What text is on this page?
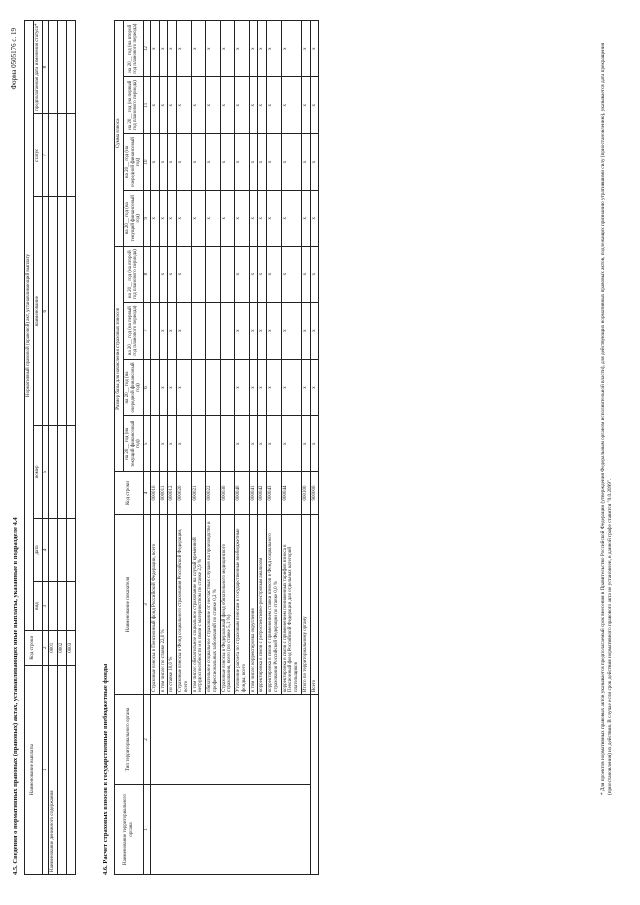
Форма 0505176 с. 19
4.5. Сведения о нормативных правовых (правовых) актах, устанавливающих иные выплаты, указанные в подразделе 4.4 Наименование выплаты	Код строки	Нормативный правовой (правовой) акт, устанавливающий выплату					
		вид	дата	номер	наименование	статус	предполагаемая дата изменения статуса*
1	2	3	4	5	6	7	8
Наименование денежного содержания	0001						
	0002						
	0003						
4.6. Расчет страховых взносов в государственные внебюджетные фонды	Наименование территориального органа	Тип территориального органа	Наименование показателя	Код строки	Размер базы для начисления страховых взносов				Сумма взноса			
				на 20__ год (на текущий финансовый год)	на 20__ год (на очередной финансовый год)	на 20__ год (на первый год планового периода)	на 20__ год (на второй год планового периода)	на 20__ год (на текущий финансовый год)	на 20__ год (на очередной финансовый год)	на 20__ год (на первый год планового периода)	на 20__ год (на второй год планового периода)
1	2	3	4	5	6	7	8	9	10	11	12
		Страховые взносы в Пенсионный фонд Российской Федерации, всего	000010					x	x	x	x
		в том числе: по ставке 22,0 %	000011	x	x	x	x	x	x	x	x
		по ставке 10,0 %	000012	x	x	x	x	x	x	x	x
		Страховые взносы в Фонд социального страхования Российской Федерации, всего	000020	x	x	x	x	x	x	x	x
		в том числе: обязательное социальное страхование на случай временной нетрудоспособности и в связи с материнством по ставке 2,9 %	000021					x	x	x	x
		обязательное социальное страхование от несчастных случаев на производстве и профессиональных заболеваний по ставке 0,2 %	000022					x	x	x	x
		Страховые взносы в Федеральный фонд обязательного медицинского страхования, всего (по ставке 5,1 %)	000030					x	x	x	x
		Уточнение расчета по страховым взносам в государственные внебюджетные фонды, всего	000040	x	x	x	x	x	x	x	x
		в том числе: корректировка округления	000041	x	x	x	x	x	x	x	x
		корректировка в связи с ретроспективно-реестровым анализом	000042	x	x	x	x	x	x	x	x
		корректировка в связи с применением ставки взносов в Фонд социального страхования Российской Федерации по ставке 0,0 %	000043	x	x	x	x	x	x	x	x
		корректировка в связи с применением пониженных тарифов взноса в Пенсионный фонд Российской Федерации для отдельных категорий плательщиков	000044	x	x	x	x	x	x	x	x
		Итого по территориальному органу	000100	x	x	x	x	x	x	x	x
		Всего	900000	x	x	x	x	x	x	x	x	* Для проектов нормативных правовых актов указывается предполагаемый срок внесения в Правительство Российской Федерации (утверждения Федеральным органом исполнительной власти), для действующих нормативных правовых актов, подлежащих признанию утратившими силу (приостановлению), указывается дата прекращения (приостановления) их действия. В случае если срок действия нормативного правового акта не установлен, в данной графе ставится "0.0.2099".
